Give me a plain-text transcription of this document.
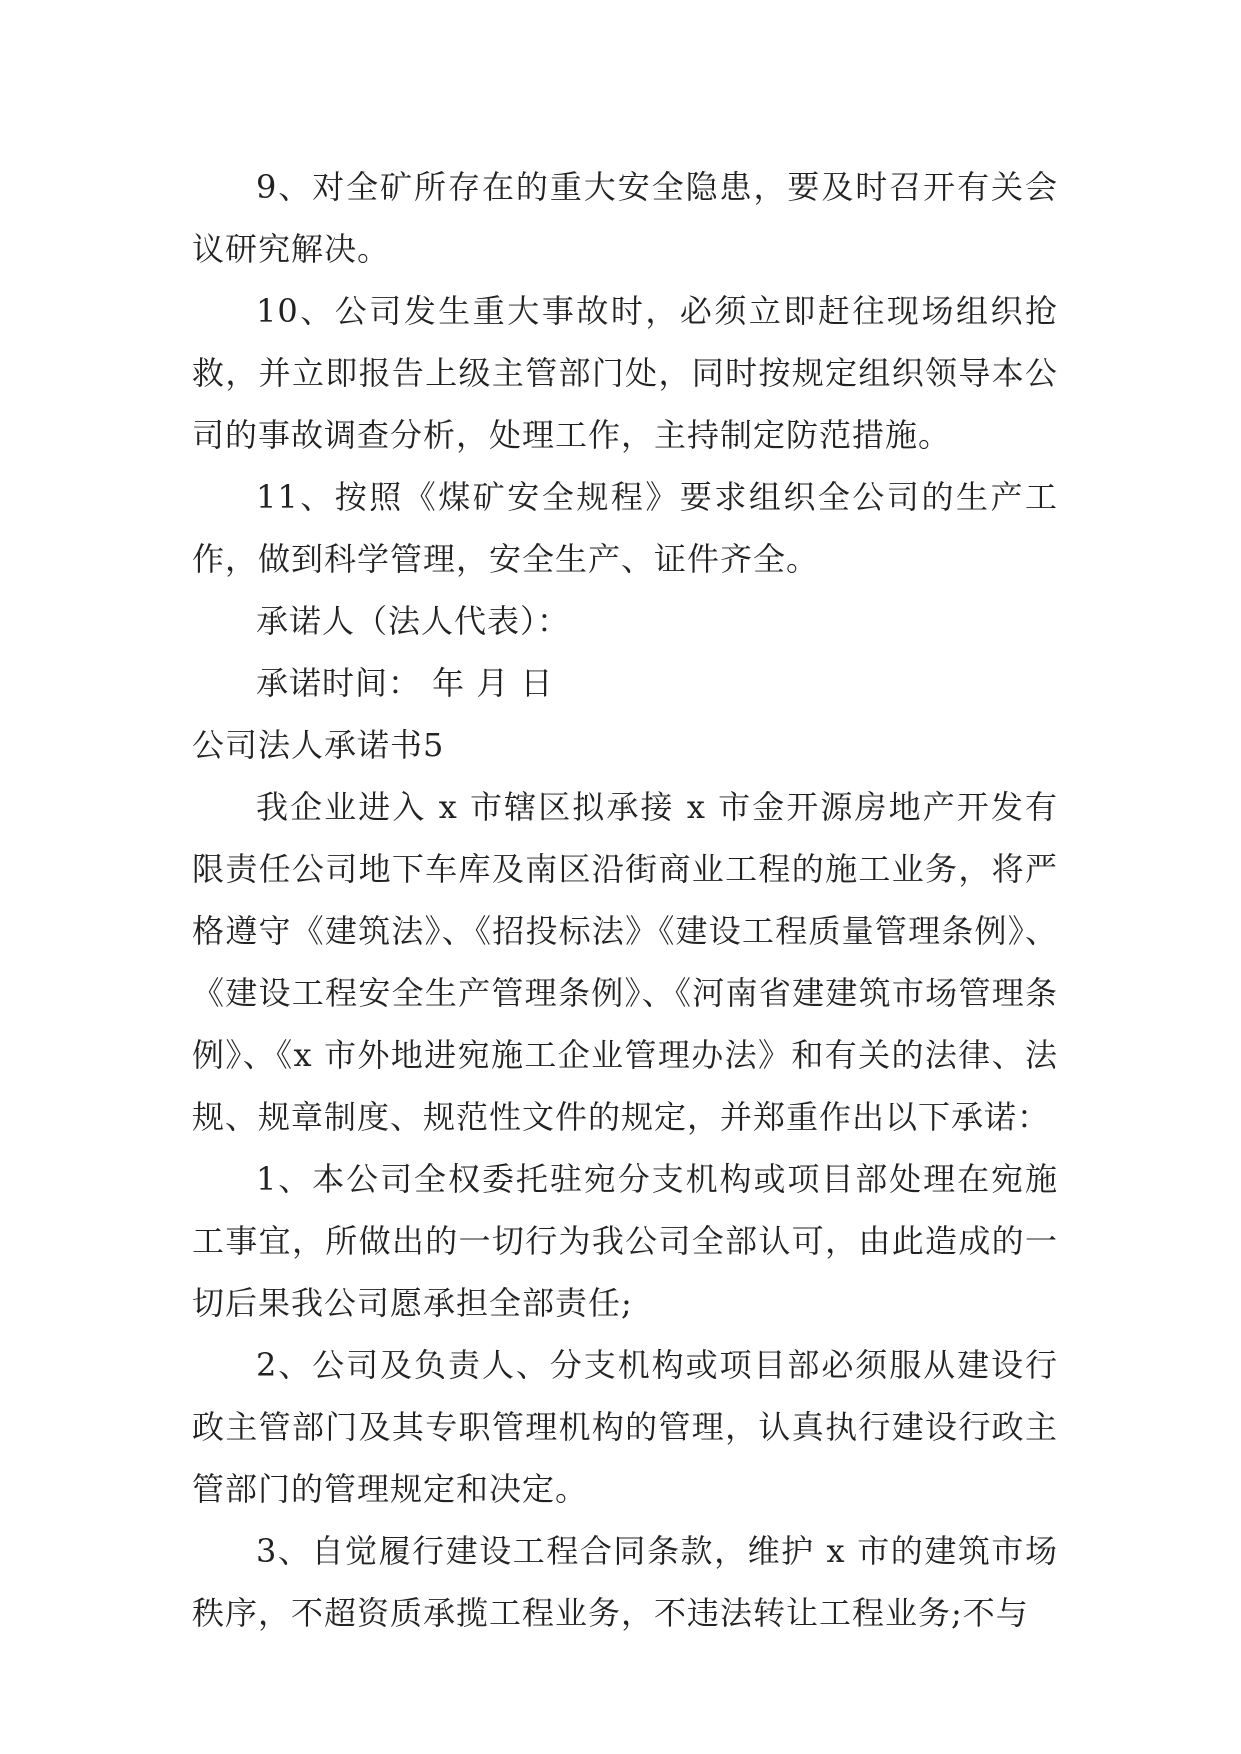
9、对全矿所存在的重大安全隐患，要及时召开有关会议研究解决。

10、公司发生重大事故时，必须立即赶往现场组织抢救，并立即报告上级主管部门处，同时按规定组织领导本公司的事故调查分析，处理工作，主持制定防范措施。

11、按照《煤矿安全规程》要求组织全公司的生产工作，做到科学管理，安全生产、证件齐全。

承诺人（法人代表）：

承诺时间： 年 月 日

公司法人承诺书5

我企业进入 x 市辖区拟承接 x 市金开源房地产开发有限责任公司地下车库及南区沿街商业工程的施工业务，将严格遵守《建筑法》、《招投标法》《建设工程质量管理条例》、《建设工程安全生产管理条例》、《河南省建建筑市场管理条例》、《x 市外地进宛施工企业管理办法》和有关的法律、法规、规章制度、规范性文件的规定，并郑重作出以下承诺：

1、本公司全权委托驻宛分支机构或项目部处理在宛施工事宜，所做出的一切行为我公司全部认可，由此造成的一切后果我公司愿承担全部责任;

2、公司及负责人、分支机构或项目部必须服从建设行政主管部门及其专职管理机构的管理，认真执行建设行政主管部门的管理规定和决定。

3、自觉履行建设工程合同条款，维护 x 市的建筑市场秩序，不超资质承揽工程业务，不违法转让工程业务;不与
